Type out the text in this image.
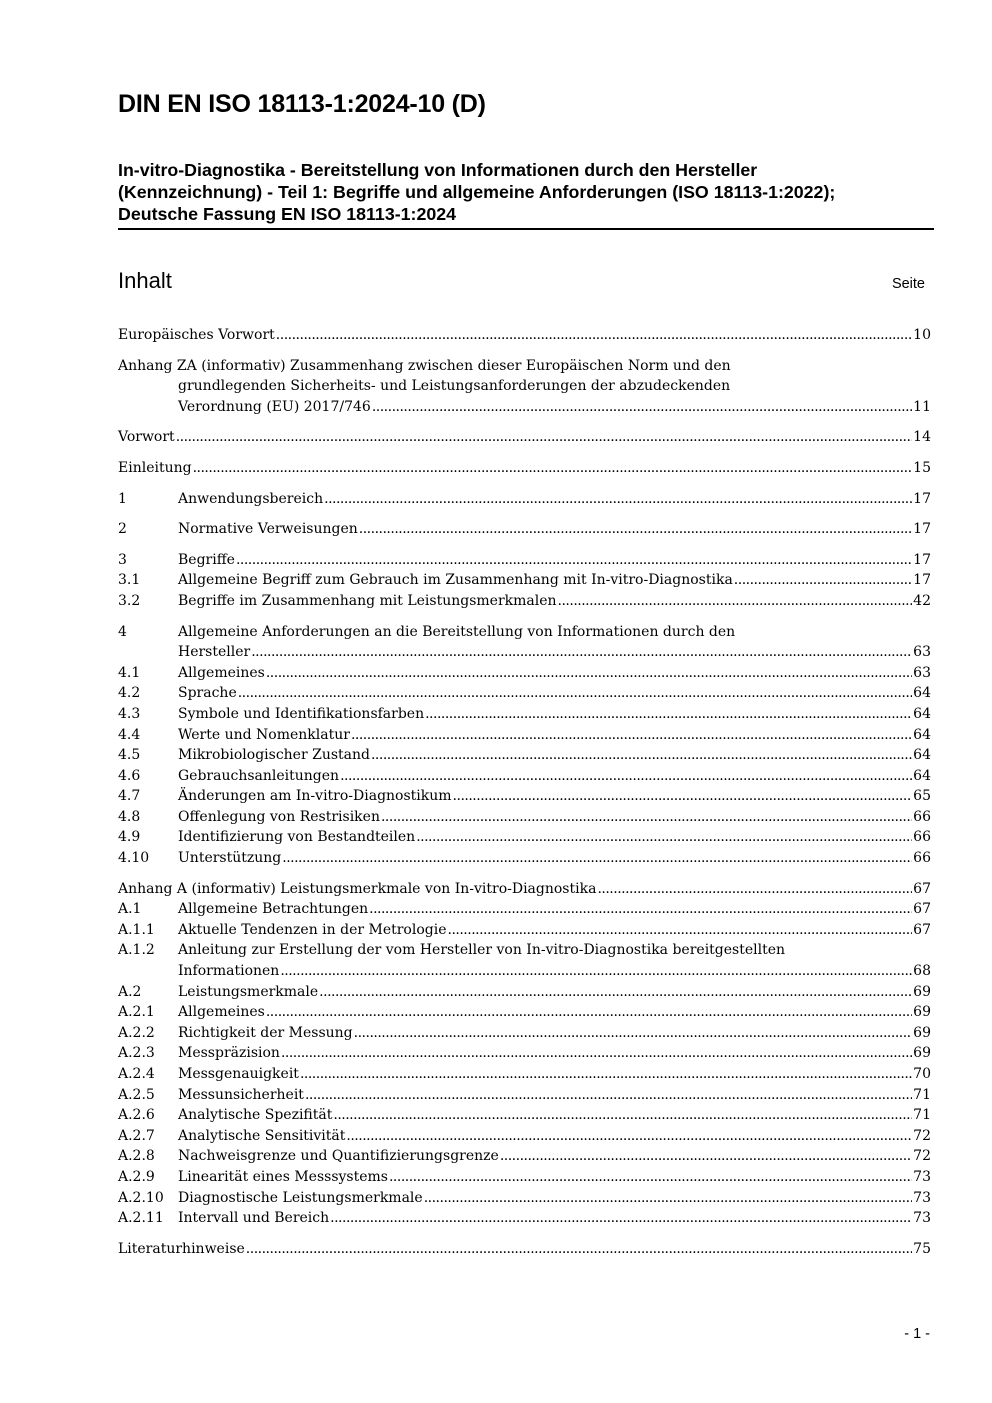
DIN EN ISO 18113-1:2024-10 (D)
In-vitro-Diagnostika - Bereitstellung von Informationen durch den Hersteller
(Kennzeichnung) - Teil 1: Begriffe und allgemeine Anforderungen (ISO 18113-1:2022);
Deutsche Fassung EN ISO 18113-1:2024
Inhalt	Seite
Europäisches Vorwort .....	10
Anhang ZA (informativ) Zusammenhang zwischen dieser Europäischen Norm und den
grundlegenden Sicherheits- und Leistungsanforderungen der abzudeckenden
Verordnung (EU) 2017/746 .....	11
Vorwort .....	14
Einleitung .....	15
1	Anwendungsbereich .....	17
2	Normative Verweisungen .....	17
3	Begriffe .....	17
3.1	Allgemeine Begriff zum Gebrauch im Zusammenhang mit In-vitro-Diagnostika .....	17
3.2	Begriffe im Zusammenhang mit Leistungsmerkmalen .....	42
4	Allgemeine Anforderungen an die Bereitstellung von Informationen durch den
Hersteller .....	63
4.1	Allgemeines .....	63
4.2	Sprache .....	64
4.3	Symbole und Identifikationsfarben .....	64
4.4	Werte und Nomenklatur .....	64
4.5	Mikrobiologischer Zustand .....	64
4.6	Gebrauchsanleitungen .....	64
4.7	Änderungen am In-vitro-Diagnostikum .....	65
4.8	Offenlegung von Restrisiken .....	66
4.9	Identifizierung von Bestandteilen .....	66
4.10	Unterstützung .....	66
Anhang A (informativ) Leistungsmerkmale von In-vitro-Diagnostika .....	67
A.1	Allgemeine Betrachtungen .....	67
A.1.1	Aktuelle Tendenzen in der Metrologie .....	67
A.1.2	Anleitung zur Erstellung der vom Hersteller von In-vitro-Diagnostika bereitgestellten
Informationen .....	68
A.2	Leistungsmerkmale .....	69
A.2.1	Allgemeines .....	69
A.2.2	Richtigkeit der Messung .....	69
A.2.3	Messpräzision .....	69
A.2.4	Messgenauigkeit .....	70
A.2.5	Messunsicherheit .....	71
A.2.6	Analytische Spezifität .....	71
A.2.7	Analytische Sensitivität .....	72
A.2.8	Nachweisgrenze und Quantifizierungsgrenze .....	72
A.2.9	Linearität eines Messsystems .....	73
A.2.10	Diagnostische Leistungsmerkmale .....	73
A.2.11	Intervall und Bereich .....	73
Literaturhinweise .....	75
- 1 -
